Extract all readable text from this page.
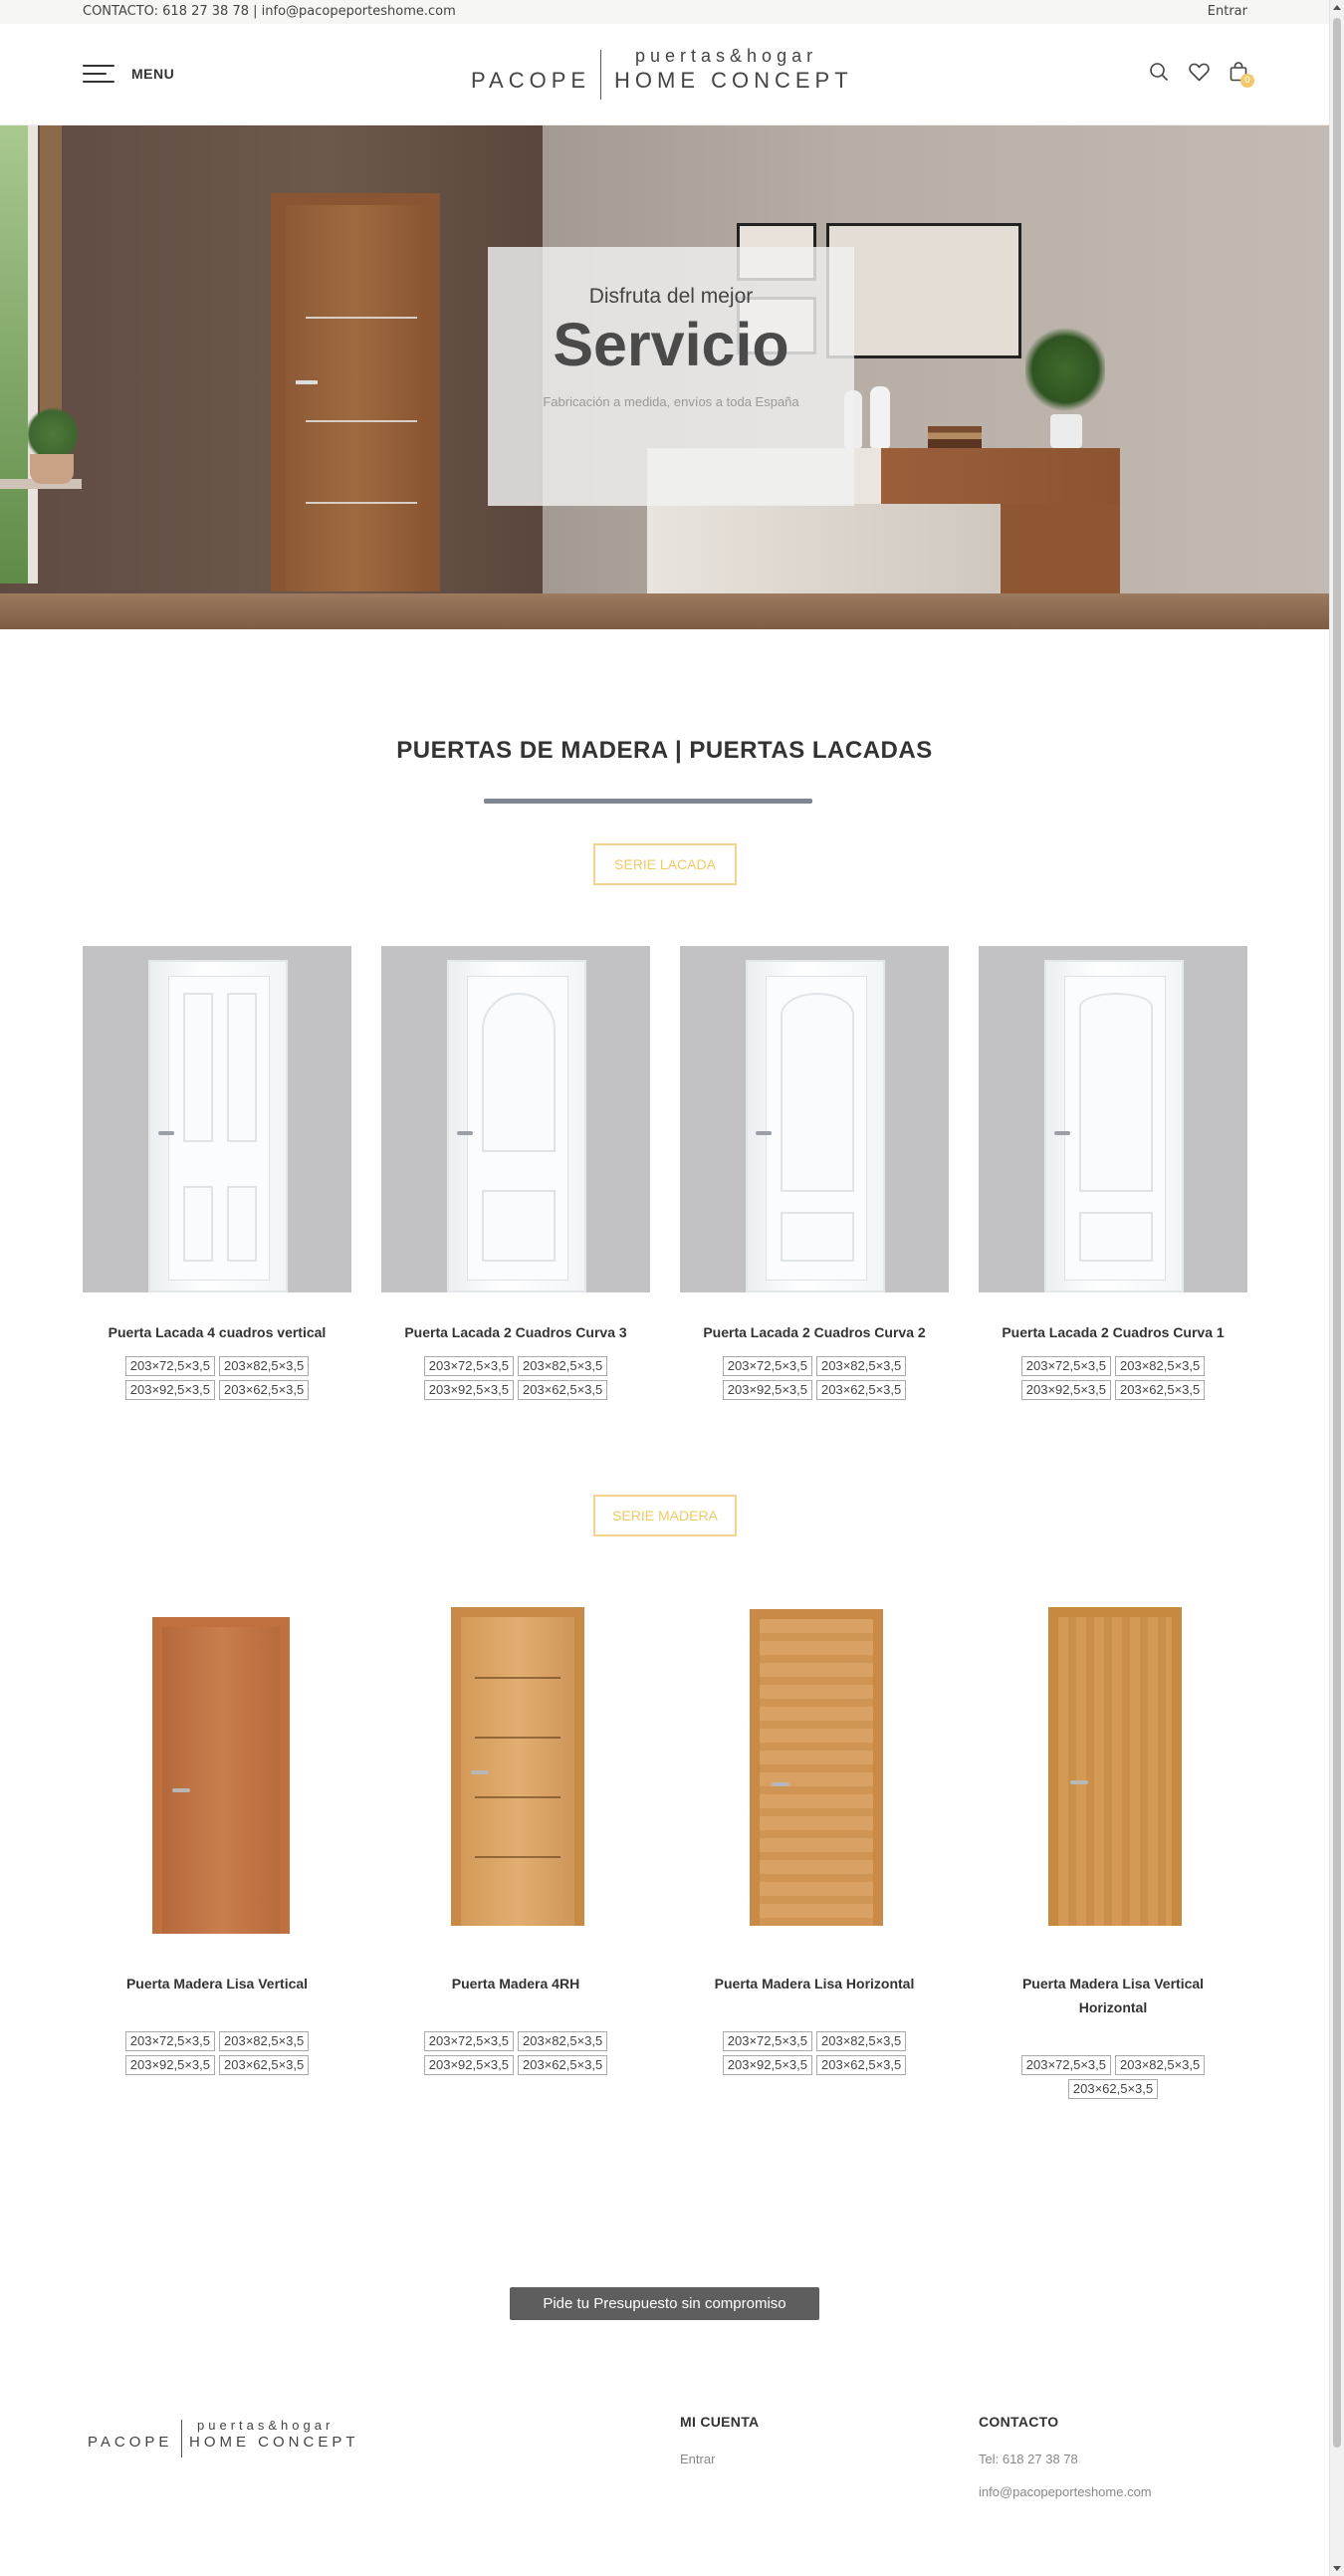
CONTACTO: 618 27 38 78 | info@pacopeporteshome.com	Entrar
MENU
puertas&hogar
PACOPE HOME CONCEPT	0
Disfruta del mejor
Servicio
Fabricación a medida, envíos a toda España
PUERTAS DE MADERA | PUERTAS LACADAS
SERIE LACADA
Puerta Lacada 4 cuadros vertical
203×72,5×3,5	203×82,5×3,5
203×92,5×3,5	203×62,5×3,5
Puerta Lacada 2 Cuadros Curva 3
203×72,5×3,5	203×82,5×3,5
203×92,5×3,5	203×62,5×3,5
Puerta Lacada 2 Cuadros Curva 2
203×72,5×3,5	203×82,5×3,5
203×92,5×3,5	203×62,5×3,5
Puerta Lacada 2 Cuadros Curva 1
203×72,5×3,5	203×82,5×3,5
203×92,5×3,5	203×62,5×3,5
SERIE MADERA
Puerta Madera Lisa Vertical
203×72,5×3,5	203×82,5×3,5
203×92,5×3,5	203×62,5×3,5
Puerta Madera 4RH
203×72,5×3,5	203×82,5×3,5
203×92,5×3,5	203×62,5×3,5
Puerta Madera Lisa Horizontal
203×72,5×3,5	203×82,5×3,5
203×92,5×3,5	203×62,5×3,5
Puerta Madera Lisa Vertical Horizontal
203×72,5×3,5	203×82,5×3,5
203×62,5×3,5
Pide tu Presupuesto sin compromiso
puertas&hogar
PACOPE HOME CONCEPT
MI CUENTA
Entrar
CONTACTO
Tel: 618 27 38 78
info@pacopeporteshome.com
